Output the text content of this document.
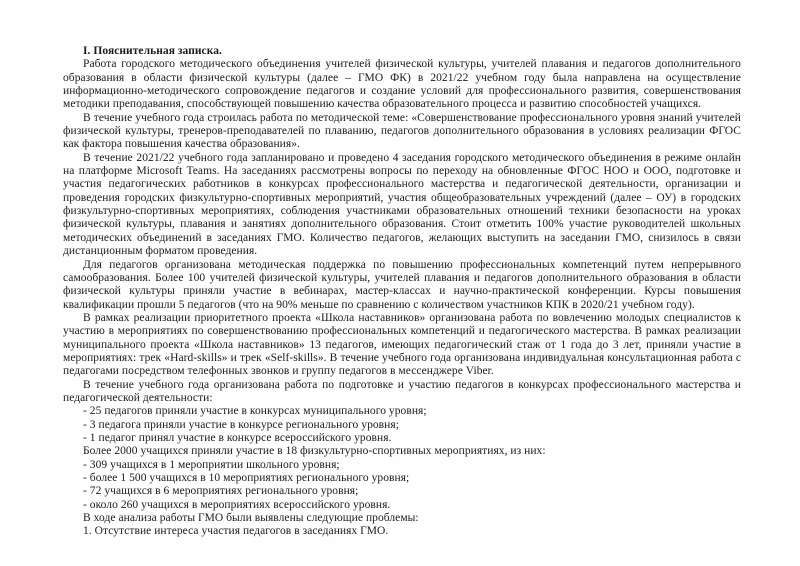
I. Пояснительная записка.

Работа городского методического объединения учителей физической культуры, учителей плавания и педагогов дополнительного образования в области физической культуры (далее – ГМО ФК) в 2021/22 учебном году была направлена на осуществление информационно-методического сопровождение педагогов и создание условий для профессионального развития, совершенствования методики преподавания, способствующей повышению качества образовательного процесса и развитию способностей учащихся.

В течение учебного года строилась работа по методической теме: «Совершенствование профессионального уровня знаний учителей физической культуры, тренеров-преподавателей по плаванию, педагогов дополнительного образования в условиях реализации ФГОС как фактора повышения качества образования».

В течение 2021/22 учебного года запланировано и проведено 4 заседания городского методического объединения в режиме онлайн на платформе Microsoft Teams. На заседаниях рассмотрены вопросы по переходу на обновленные ФГОС НОО и ООО, подготовке и участия педагогических работников в конкурсах профессионального мастерства и педагогической деятельности, организации и проведения городских физкультурно-спортивных мероприятий, участия общеобразовательных учреждений (далее – ОУ) в городских физкультурно-спортивных мероприятиях, соблюдения участниками образовательных отношений техники безопасности на уроках физической культуры, плавания и занятиях дополнительного образования. Стоит отметить 100% участие руководителей школьных методических объединений в заседаниях ГМО. Количество педагогов, желающих выступить на заседании ГМО, снизилось в связи дистанционным форматом проведения.

Для педагогов организована методическая поддержка по повышению профессиональных компетенций путем непрерывного самообразования. Более 100 учителей физической культуры, учителей плавания и педагогов дополнительного образования в области физической культуры приняли участие в вебинарах, мастер-классах и научно-практической конференции. Курсы повышения квалификации прошли 5 педагогов (что на 90% меньше по сравнению с количеством участников КПК в 2020/21 учебном году).

В рамках реализации приоритетного проекта «Школа наставников» организована работа по вовлечению молодых специалистов к участию в мероприятиях по совершенствованию профессиональных компетенций и педагогического мастерства. В рамках реализации муниципального проекта «Школа наставников» 13 педагогов, имеющих педагогический стаж от 1 года до 3 лет, приняли участие в мероприятиях: трек «Hard-skills» и трек «Self-skills». В течение учебного года организована индивидуальная консультационная работа с педагогами посредством телефонных звонков и группу педагогов в мессенджере Viber.

В течение учебного года организована работа по подготовке и участию педагогов в конкурсах профессионального мастерства и педагогической деятельности:

- 25 педагогов приняли участие в конкурсах муниципального уровня;

- 3 педагога приняли участие в конкурсе регионального уровня;

- 1 педагог принял участие в конкурсе всероссийского уровня.

Более 2000 учащихся приняли участие в 18 физкультурно-спортивных мероприятиях, из них:

- 309 учащихся в 1 мероприятии школьного уровня;

- более 1 500 учащихся в 10 мероприятиях регионального уровня;

- 72 учащихся в 6 мероприятиях регионального уровня;

- около 260 учащихся в мероприятиях всероссийского уровня.

В ходе анализа работы ГМО были выявлены следующие проблемы:

1. Отсутствие интереса участия педагогов в заседаниях ГМО.
